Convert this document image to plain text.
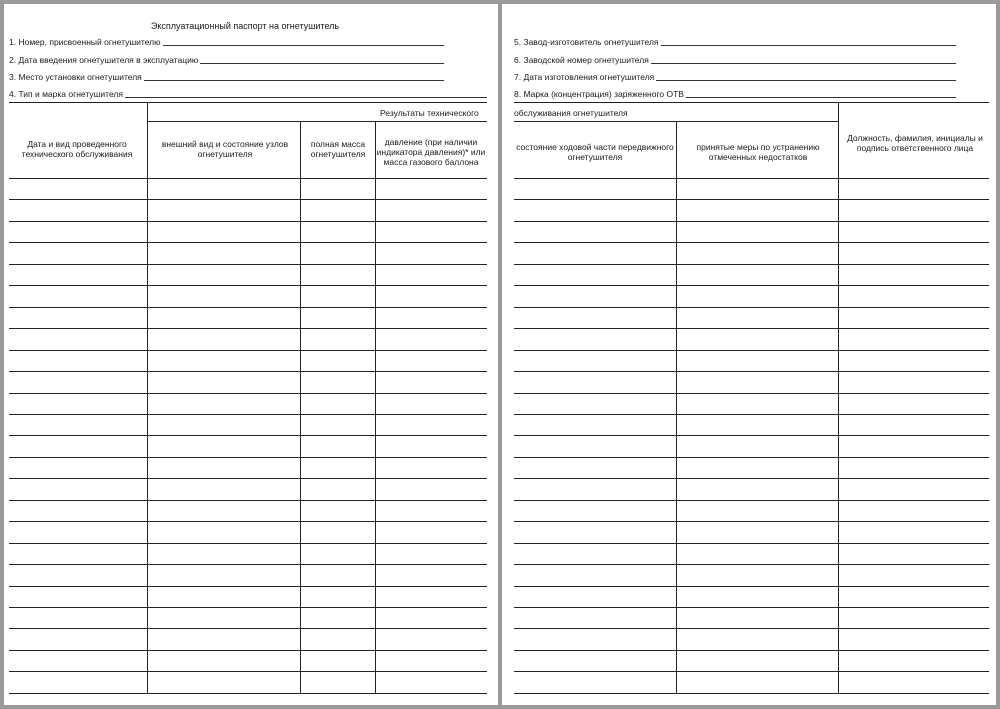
Эксплуатационный паспорт на огнетушитель
1. Номер, присвоенный огнетушителю
2. Дата введения огнетушителя в эксплуатацию
3. Место установки огнетушителя
4. Тип и марка огнетушителя
Результаты технического
Дата и вид проведенного технического обслуживания
внешний вид и состояние узлов огнетушителя
полная масса огнетушителя
давление (при наличии индикатора давления)* или масса газового баллона
5. Завод-изготовитель огнетушителя
6. Заводской номер огнетушителя
7. Дата изготовления огнетушителя
8. Марка (концентрация) заряженного ОТВ
обслуживания огнетушителя
состояние ходовой части передвижного огнетушителя
принятые меры по устранению отмеченных недостатков
Должность, фамилия, инициалы и подпись ответственного лица
